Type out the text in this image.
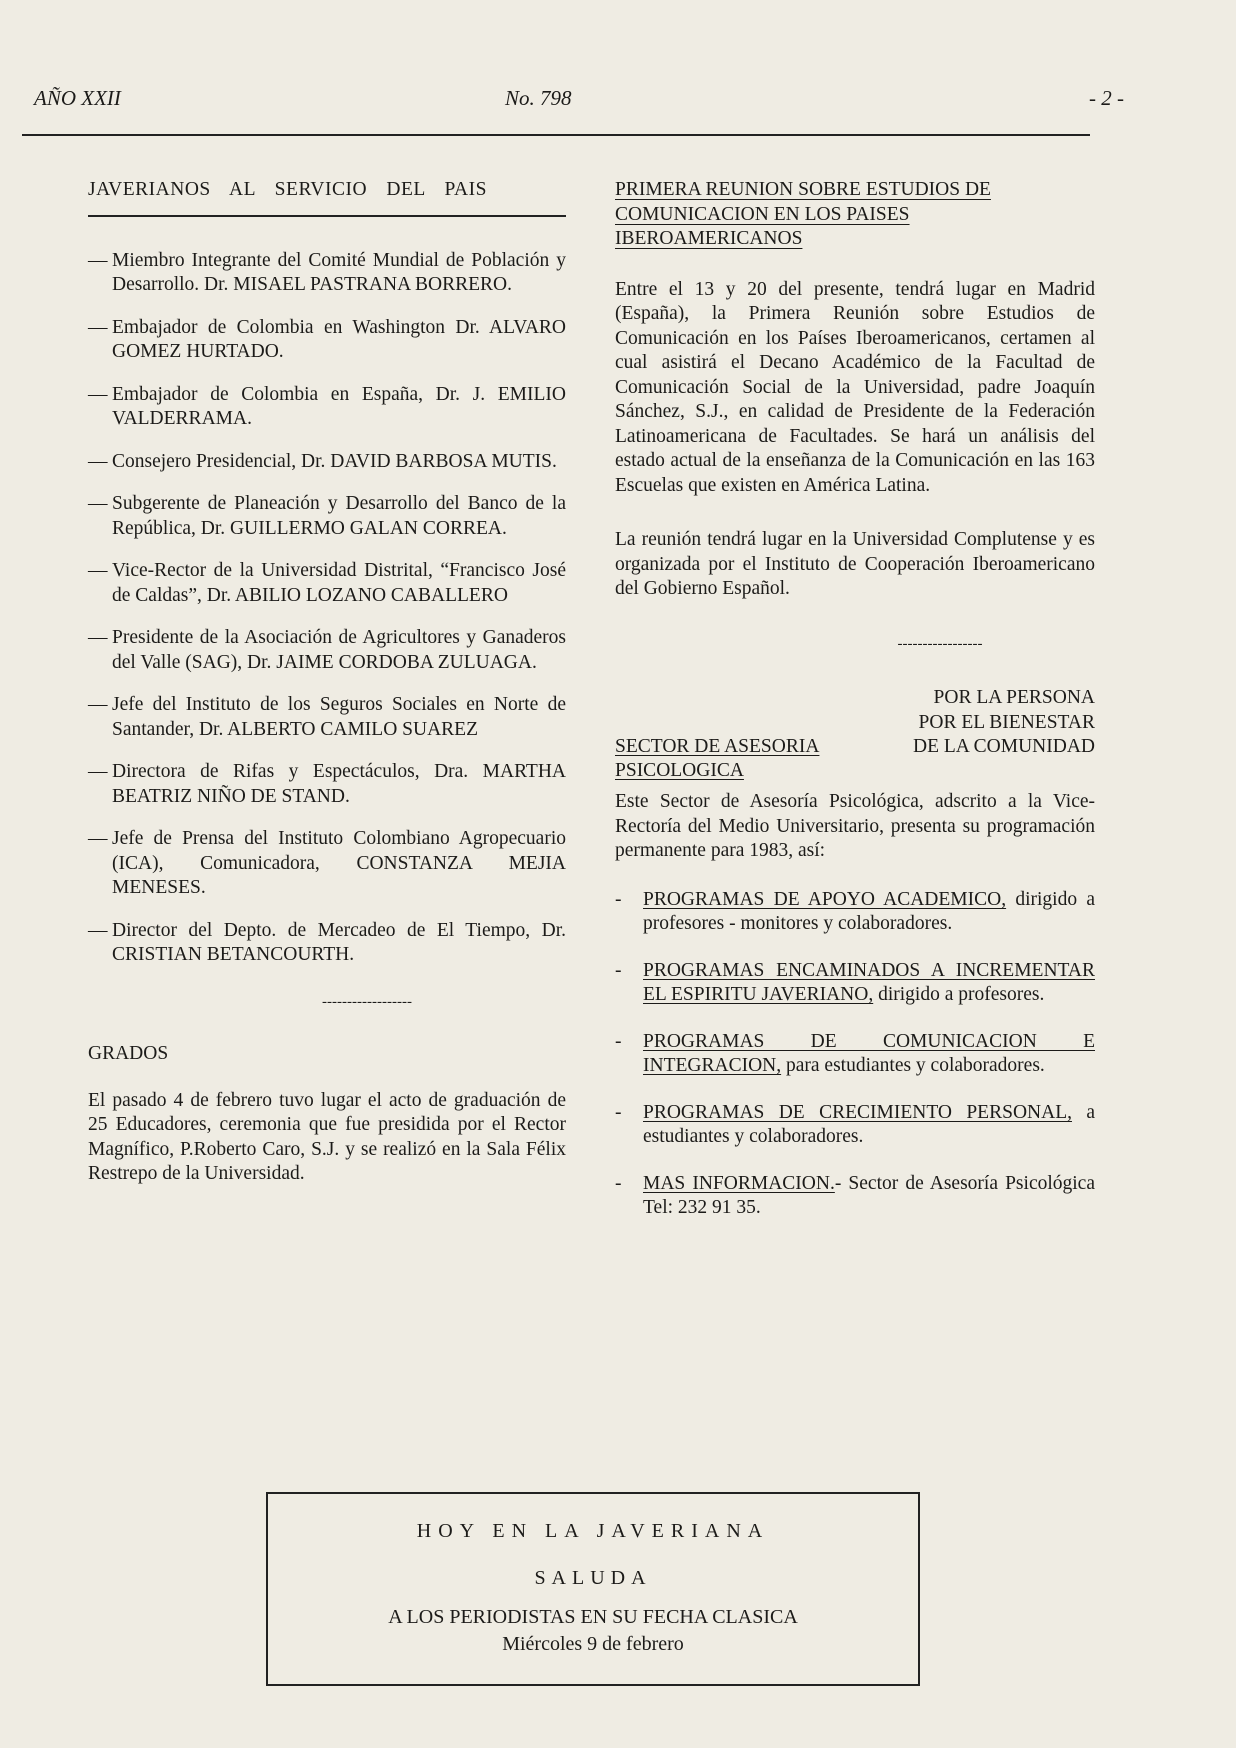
AÑO XXII	No. 798	- 2 -
JAVERIANOS AL SERVICIO DEL PAIS
— Miembro Integrante del Comité Mundial de Población y Desarrollo. Dr. MISAEL PASTRANA BORRERO.
— Embajador de Colombia en Washington Dr. ALVARO GOMEZ HURTADO.
— Embajador de Colombia en España, Dr. J. EMILIO VALDERRAMA.
— Consejero Presidencial, Dr. DAVID BARBOSA MUTIS.
— Subgerente de Planeación y Desarrollo del Banco de la República, Dr. GUILLERMO GALAN CORREA.
— Vice-Rector de la Universidad Distrital, “Francisco José de Caldas”, Dr. ABILIO LOZANO CABALLERO
— Presidente de la Asociación de Agricultores y Ganaderos del Valle (SAG), Dr. JAIME CORDOBA ZULUAGA.
— Jefe del Instituto de los Seguros Sociales en Norte de Santander, Dr. ALBERTO CAMILO SUAREZ
— Directora de Rifas y Espectáculos, Dra. MARTHA BEATRIZ NIÑO DE STAND.
— Jefe de Prensa del Instituto Colombiano Agropecuario (ICA), Comunicadora, CONSTANZA MEJIA MENESES.
— Director del Depto. de Mercadeo de El Tiempo, Dr. CRISTIAN BETANCOURTH.
------------------
GRADOS
El pasado 4 de febrero tuvo lugar el acto de graduación de 25 Educadores, ceremonia que fue presidida por el Rector Magnífico, P.Roberto Caro, S.J. y se realizó en la Sala Félix Restrepo de la Universidad.
PRIMERA REUNION SOBRE ESTUDIOS DE COMUNICACION EN LOS PAISES IBEROAMERICANOS
Entre el 13 y 20 del presente, tendrá lugar en Madrid (España), la Primera Reunión sobre Estudios de Comunicación en los Países Iberoamericanos, certamen al cual asistirá el Decano Académico de la Facultad de Comunicación Social de la Universidad, padre Joaquín Sánchez, S.J., en calidad de Presidente de la Federación Latinoamericana de Facultades. Se hará un análisis del estado actual de la enseñanza de la Comunicación en las 163 Escuelas que existen en América Latina.
La reunión tendrá lugar en la Universidad Complutense y es organizada por el Instituto de Cooperación Iberoamericano del Gobierno Español.
-----------------
POR LA PERSONA
POR EL BIENESTAR
DE LA COMUNIDAD
SECTOR DE ASESORIA
PSICOLOGICA
Este Sector de Asesoría Psicológica, adscrito a la Vice-Rectoría del Medio Universitario, presenta su programación permanente para 1983, así:
- PROGRAMAS DE APOYO ACADEMICO, dirigido a profesores - monitores y colaboradores.
- PROGRAMAS ENCAMINADOS A INCREMENTAR EL ESPIRITU JAVERIANO, dirigido a profesores.
- PROGRAMAS DE COMUNICACION E INTEGRACION, para estudiantes y colaboradores.
- PROGRAMAS DE CRECIMIENTO PERSONAL, a estudiantes y colaboradores.
- MAS INFORMACION.- Sector de Asesoría Psicológica Tel: 232 91 35.
HOY EN LA JAVERIANA
SALUDA
A LOS PERIODISTAS EN SU FECHA CLASICA
Miércoles 9 de febrero
